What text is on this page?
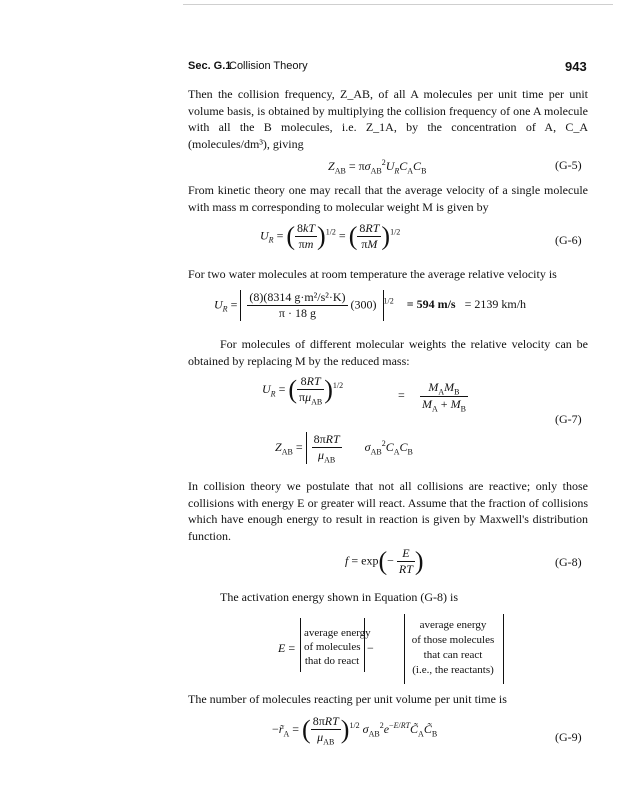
Sec. G.1
Collision Theory	943

Then the collision frequency, Z_AB, of all A molecules per unit time per unit volume basis, is obtained by multiplying the collision frequency of one A molecule with all the B molecules, i.e. Z_1A, by the concentration of A, C_A (molecules/dm³), giving

$Z_{AB} = \pi\sigma_{AB}^2U_RC_AC_B$	(G-5)

From kinetic theory one may recall that the average velocity of a single molecule with mass m corresponding to molecular weight M is given by

$U_R$ = ( $\frac{8kT}{\pi m} )^{1/2}$ = ( $\frac{8RT}{\pi M} )^{1/2}$
(G-6)

For two water molecules at room temperature the average relative velocity is

$U_R = \frac{\text{(8)(8314 g·m²/s²·K)}}{\pi \cdot 18 g} (300) ^{1/2} = 594$ m/s = 2139 km/h

For molecules of different molecular weights the relative velocity can be obtained by replacing M by the reduced mass:

$U_R$ = ( $\frac{8RT}{\pi\mu_{AB}} )^{1/2}$	$\frac{M_AM_B}{M_A + M_B}$
=
(G-7)
$Z_{AB} = \frac{\text{8πRT}}{\mu_{AB}} \sigma_{AB}^2C_AC_B$

In collision theory we postulate that not all collisions are reactive; only those collisions with energy E or greater will react. Assume that the fraction of collisions which have enough energy to result in reaction is given by Maxwell's distribution function.

$f = \exp(- \frac{E}{RT}$ )	(G-8)

The activation energy shown in Equation (G-8) is

E =
average energy
of molecules
that do react
−
average energy
of those molecules
that can react
(i.e., the reactants)

The number of molecules reacting per unit volume per unit time is

$-r̃_A$ = ( $\frac{\text{8πRT}}{\mu_{AB}} )^{1/2}$ $\sigma_{AB}^2e^{-E/RT}C̃_AC̃_B$	(G-9)
